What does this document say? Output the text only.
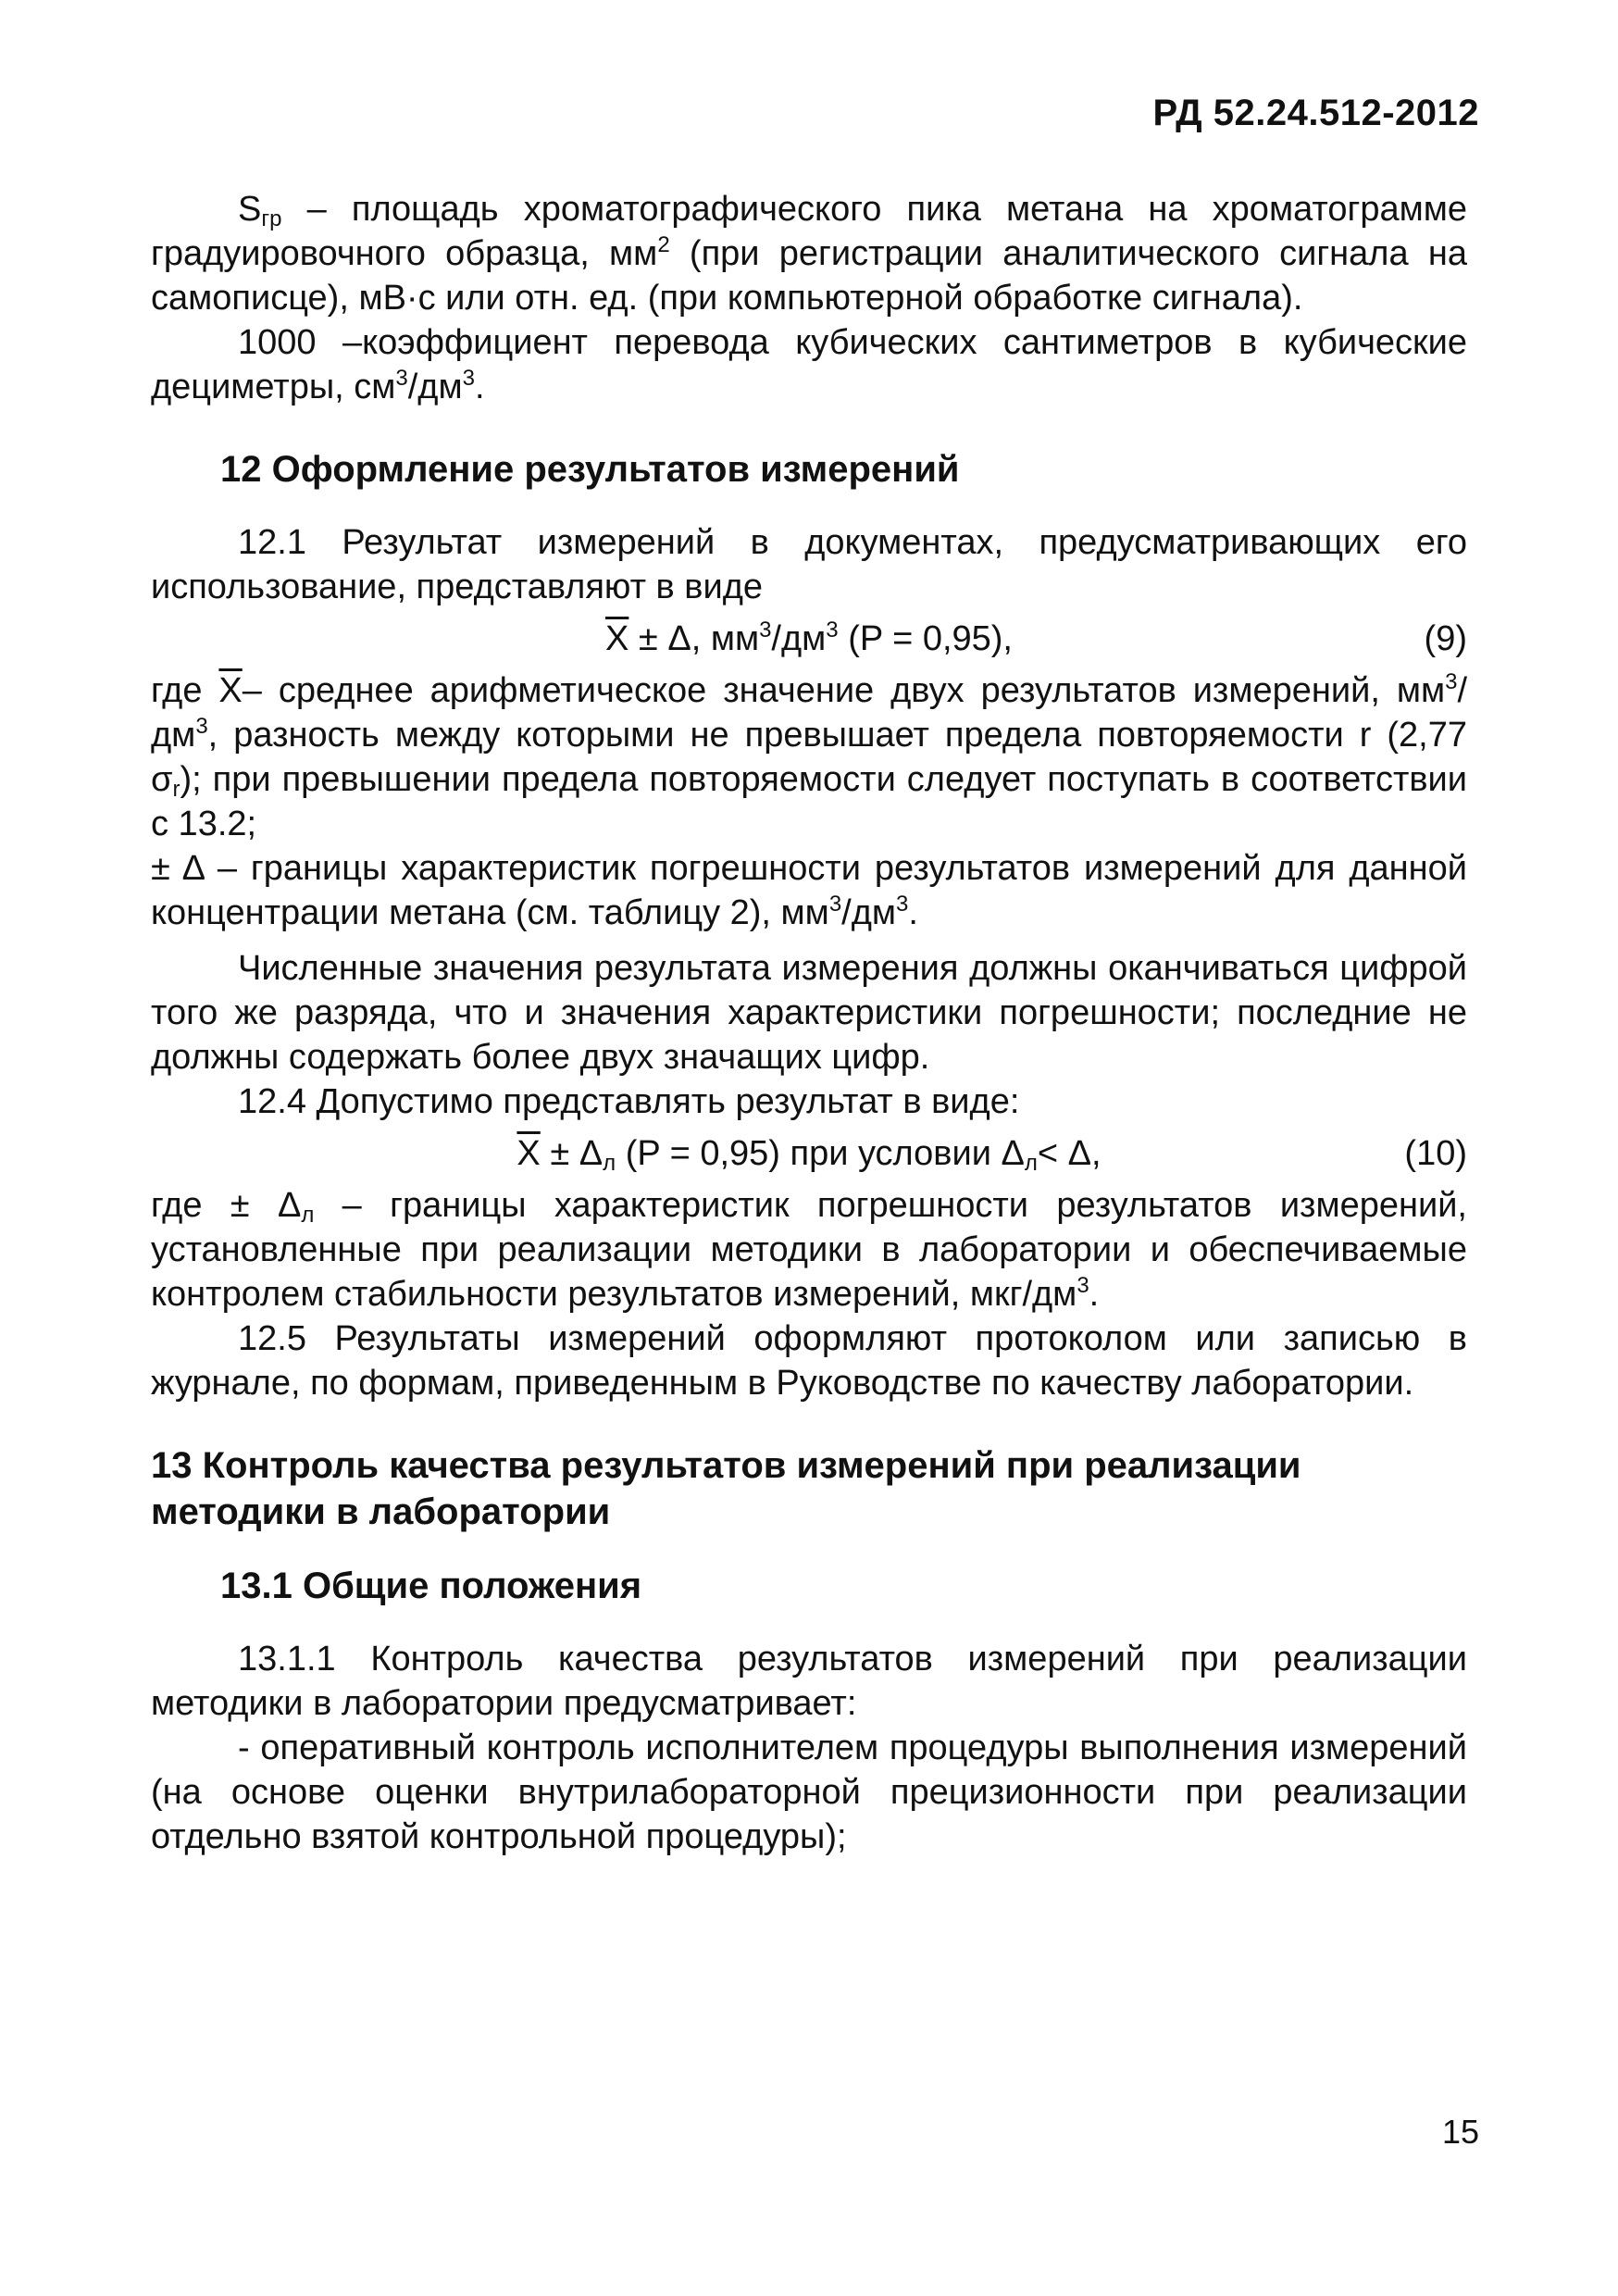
РД 52.24.512-2012

$S_{гр}$ – площадь хроматографического пика метана на хроматограмме градуировочного образца, $мм^2$ (при регистрации аналитического сигнала на самописце), мВ·с или отн. ед. (при компьютерной обработке сигнала).

1000 –коэффициент перевода кубических сантиметров в кубические дециметры, $см^3/дм^3$.

12 Оформление результатов измерений

12.1 Результат измерений в документах, предусматривающих его использование, представляют в виде

$\overline{X} \pm \Delta$, $мм^3/дм^3$ (P = 0,95),	(9)

где $\overline{X}-$ среднее арифметическое значение двух результатов измерений, $мм^3/дм^3$, разность между которыми не превышает предела повторяемости r (2,77 $\sigma_r$); при превышении предела повторяемости следует поступать в соответствии с 13.2;

± Δ – границы характеристик погрешности результатов измерений для данной концентрации метана (см. таблицу 2), $мм^3/дм^3$.

Численные значения результата измерения должны оканчиваться цифрой того же разряда, что и значения характеристики погрешности; последние не должны содержать более двух значащих цифр.

12.4 Допустимо представлять результат в виде:

$\overline{X} \pm \Delta_л$ (P = 0,95) при условии $\Delta_л< \Delta$,	(10)

где ± $\Delta_л$ – границы характеристик погрешности результатов измерений, установленные при реализации методики в лаборатории и обеспечиваемые контролем стабильности результатов измерений, мкг/$дм^3$.

12.5 Результаты измерений оформляют протоколом или записью в журнале, по формам, приведенным в Руководстве по качеству лаборатории.

13 Контроль качества результатов измерений при реализации методики в лаборатории

13.1 Общие положения

13.1.1 Контроль качества результатов измерений при реализации методики в лаборатории предусматривает:

- оперативный контроль исполнителем процедуры выполнения измерений (на основе оценки внутрилабораторной прецизионности при реализации отдельно взятой контрольной процедуры);

15
